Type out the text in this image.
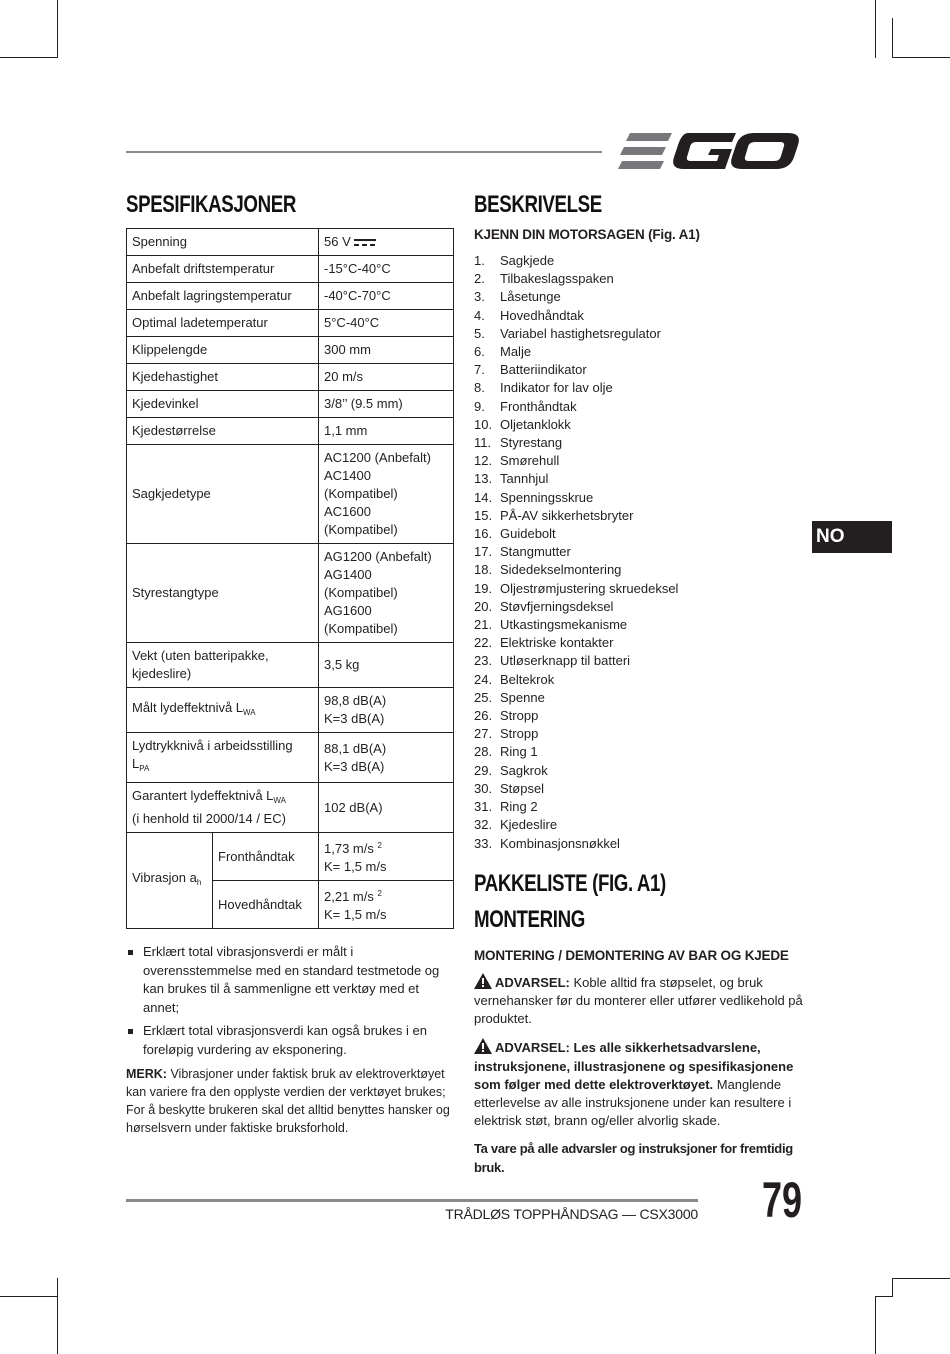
SPESIFIKASJONER
Spenning		56 V
Anbefalt driftstemperatur		-15°C-40°C
Anbefalt lagringstemperatur		-40°C-70°C
Optimal ladetemperatur		5°C-40°C
Klippelengde		300 mm
Kjedehastighet		20 m/s
Kjedevinkel		3/8’’ (9.5 mm)
Kjedestørrelse		1,1 mm
Sagkjedetype		AC1200 (Anbefalt)
AC1400 (Kompatibel)
AC1600 (Kompatibel)

Styrestangtype		AG1200 (Anbefalt)
AG1400 (Kompatibel)
AG1600 (Kompatibel)

Vekt (uten batteripakke, kjedeslire)		3,5 kg
Målt lydeffektnivå $L_{WA}$		98,8 dB(A)
K=3 dB(A)

Lydtrykknivå i arbeidsstilling $L_{PA}$		88,1 dB(A)
K=3 dB(A)

Garantert lydeffektnivå $L_{WA}$
(i henhold til 2000/14 / EC)		102 dB(A)
Vibrasjon $a_h$	Fronthåndtak	1,73 m/s $^2$
K= 1,5 m/s

	Hovedhåndtak	2,21 m/s $^2$
K= 1,5 m/s
Erklært total vibrasjonsverdi er målt i overensstemmelse med en standard testmetode og kan brukes til å sammenligne ett verktøy med et annet;
Erklært total vibrasjonsverdi kan også brukes i en foreløpig vurdering av eksponering.
MERK: Vibrasjoner under faktisk bruk av elektroverktøyet kan variere fra den opplyste verdien der verktøyet brukes; For å beskytte brukeren skal det alltid benyttes hansker og hørselsvern under faktiske bruksforhold.
BESKRIVELSE
KJENN DIN MOTORSAGEN (Fig. A1)
1.	Sagkjede
2.	Tilbakeslagsspaken
3.	Låsetunge
4.	Hovedhåndtak
5.	Variabel hastighetsregulator
6.	Malje
7.	Batteriindikator
8.	Indikator for lav olje
9.	Fronthåndtak
10. Oljetanklokk
11. Styrestang
12. Smørehull
13. Tannhjul
14. Spenningsskrue
15. PÅ-AV sikkerhetsbryter
16. Guidebolt
17. Stangmutter
18. Sidedekselmontering
19. Oljestrømjustering skruedeksel
20. Støvfjerningsdeksel
21. Utkastingsmekanisme
22. Elektriske kontakter
23. Utløserknapp til batteri
24. Beltekrok
25. Spenne
26. Stropp
27. Stropp
28. Ring 1
29. Sagkrok
30. Støpsel
31. Ring 2
32. Kjedeslire
33. Kombinasjonsnøkkel
PAKKELISTE (FIG. A1)
MONTERING
MONTERING / DEMONTERING AV BAR OG KJEDE
ADVARSEL: Koble alltid fra støpselet, og bruk vernehansker før du monterer eller utfører vedlikehold på produktet.
ADVARSEL: Les alle sikkerhetsadvarslene, instruksjonene, illustrasjonene og spesifikasjonene som følger med dette elektroverktøyet. Manglende etterlevelse av alle instruksjonene under kan resultere i elektrisk støt, brann og/eller alvorlig skade.
Ta vare på alle advarsler og instruksjoner for fremtidig bruk.
NO
TRÅDLØS TOPPHÅNDSAG — CSX3000 79
